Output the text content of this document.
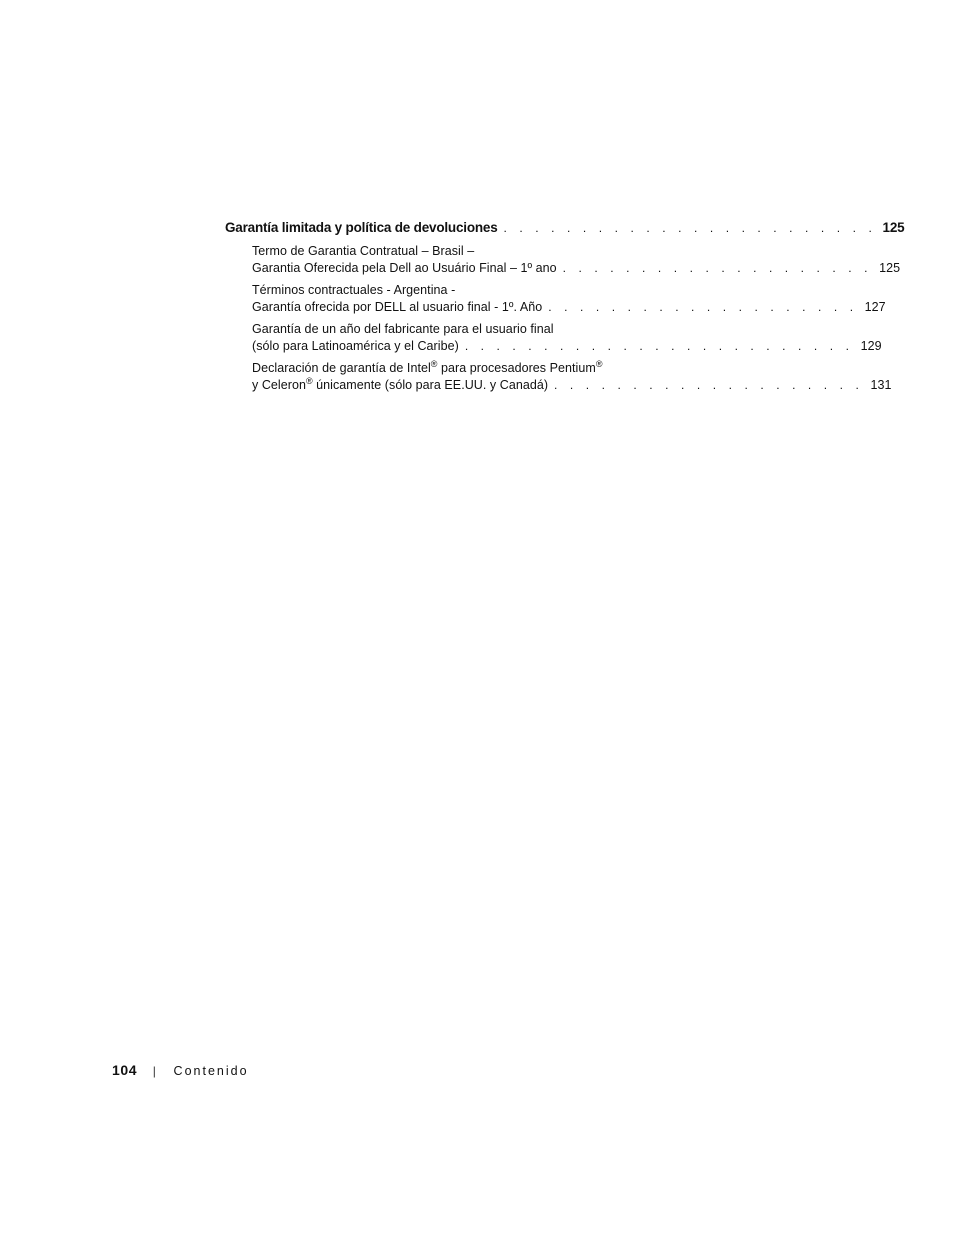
Garantía limitada y política de devoluciones . . . . . . . . . . . . . . . . . . . . . . . . 125
Termo de Garantia Contratual – Brasil –
Garantia Oferecida pela Dell ao Usuário Final – 1º ano . . . . . . . . . . . . . . . . . . . . 125
Términos contractuales - Argentina -
Garantía ofrecida por DELL al usuario final - 1º. Año . . . . . . . . . . . . . . . . . . . . 127
Garantía de un año del fabricante para el usuario final
(sólo para Latinoamérica y el Caribe) . . . . . . . . . . . . . . . . . . . . . . . . . 129
Declaración de garantía de Intel® para procesadores Pentium®
y Celeron® únicamente (sólo para EE.UU. y Canadá) . . . . . . . . . . . . . . . . . . . . 131
104 | Contenido
